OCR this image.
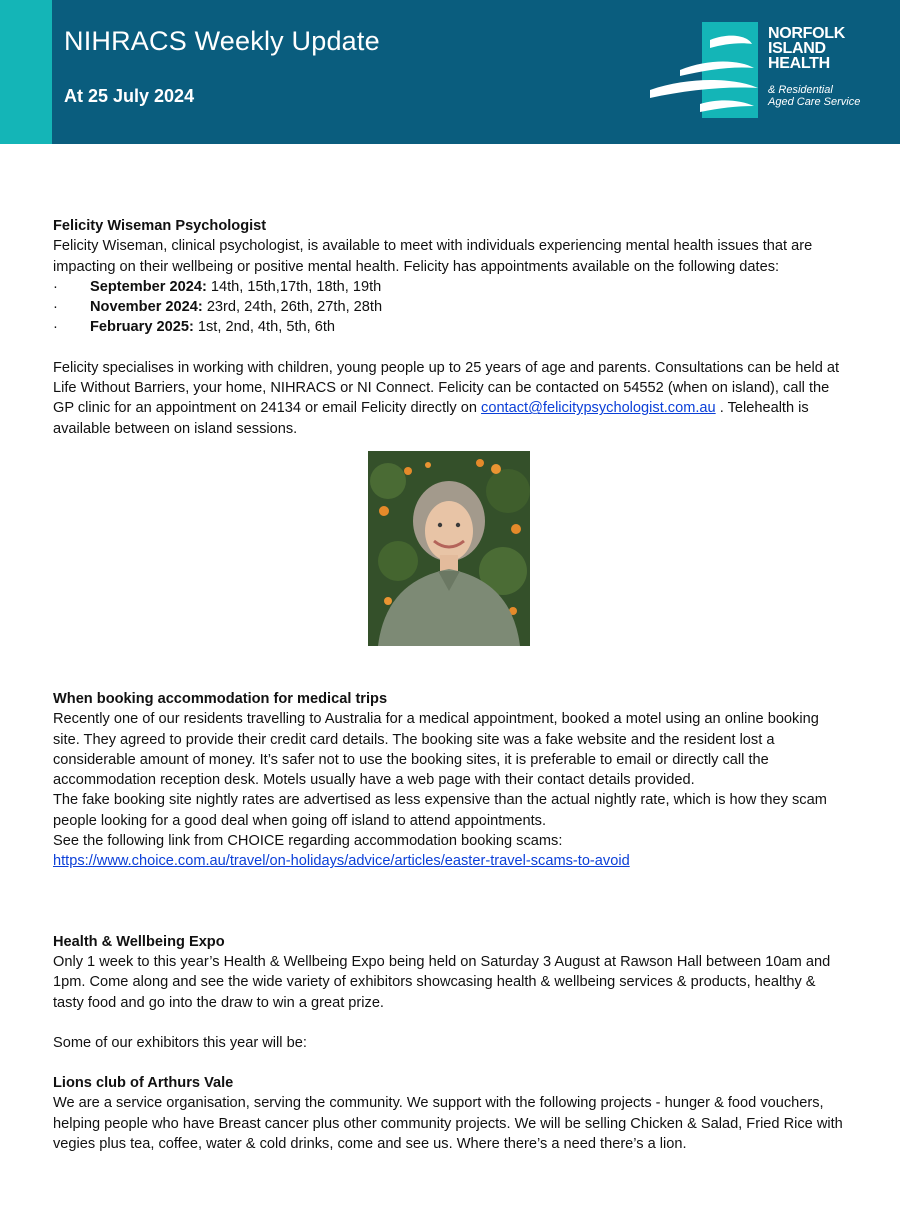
NIHRACS Weekly Update
At 25 July 2024
NORFOLK
ISLAND
HEALTH
& Residential
Aged Care Service

Felicity Wiseman Psychologist

Felicity Wiseman, clinical psychologist, is available to meet with individuals experiencing mental health issues that are impacting on their wellbeing or positive mental health. Felicity has appointments available on the following dates:

·	September 2024: 14th, 15th,17th, 18th, 19th
·	November 2024: 23rd, 24th, 26th, 27th, 28th
·	February 2025: 1st, 2nd, 4th, 5th, 6th

Felicity specialises in working with children, young people up to 25 years of age and parents. Consultations can be held at Life Without Barriers, your home, NIHRACS or NI Connect. Felicity can be contacted on 54552 (when on island), call the GP clinic for an appointment on 24134 or email Felicity directly on contact@felicitypsychologist.com.au . Telehealth is available between on island sessions.

When booking accommodation for medical trips

Recently one of our residents travelling to Australia for a medical appointment, booked a motel using an online booking site. They agreed to provide their credit card details. The booking site was a fake website and the resident lost a considerable amount of money. It’s safer not to use the booking sites, it is preferable to email or directly call the accommodation reception desk. Motels usually have a web page with their contact details provided.

The fake booking site nightly rates are advertised as less expensive than the actual nightly rate, which is how they scam people looking for a good deal when going off island to attend appointments.

See the following link from CHOICE regarding accommodation booking scams:

https://www.choice.com.au/travel/on-holidays/advice/articles/easter-travel-scams-to-avoid

Health & Wellbeing Expo

Only 1 week to this year’s Health & Wellbeing Expo being held on Saturday 3 August at Rawson Hall between 10am and 1pm. Come along and see the wide variety of exhibitors showcasing health & wellbeing services & products, healthy & tasty food and go into the draw to win a great prize.

Some of our exhibitors this year will be:

Lions club of Arthurs Vale

We are a service organisation, serving the community. We support with the following projects - hunger & food vouchers, helping people who have Breast cancer plus other community projects. We will be selling Chicken & Salad, Fried Rice with vegies plus tea, coffee, water & cold drinks, come and see us. Where there’s a need there’s a lion.
